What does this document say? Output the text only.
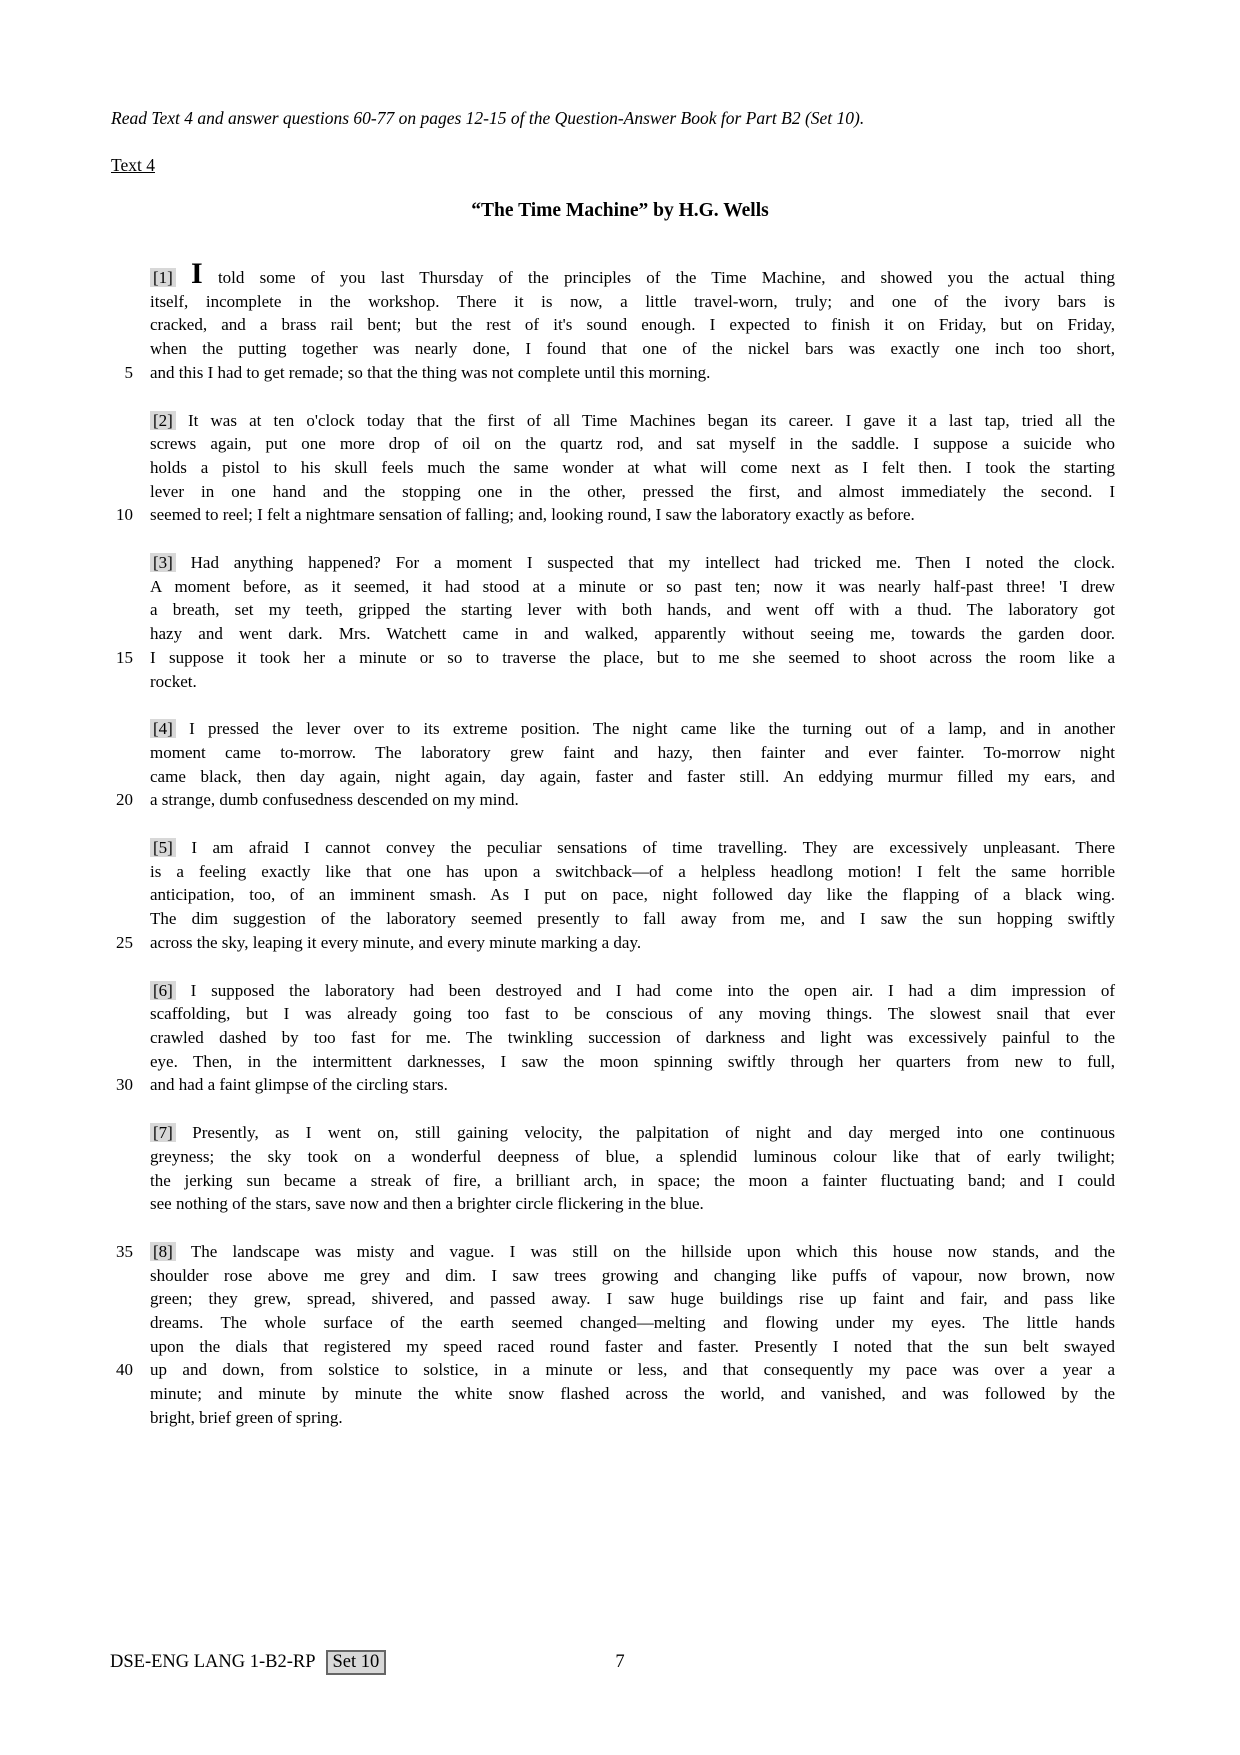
Read Text 4 and answer questions 60-77 on pages 12-15 of the Question-Answer Book for Part B2 (Set 10).
Text 4
“The Time Machine” by H.G. Wells
[1] I told some of you last Thursday of the principles of the Time Machine, and showed you the actual thing
itself, incomplete in the workshop. There it is now, a little travel-worn, truly; and one of the ivory bars is
cracked, and a brass rail bent; but the rest of it's sound enough. I expected to finish it on Friday, but on Friday,
when the putting together was nearly done, I found that one of the nickel bars was exactly one inch too short,
5 and this I had to get remade; so that the thing was not complete until this morning.
[2] It was at ten o'clock today that the first of all Time Machines began its career. I gave it a last tap, tried all the
screws again, put one more drop of oil on the quartz rod, and sat myself in the saddle. I suppose a suicide who
holds a pistol to his skull feels much the same wonder at what will come next as I felt then. I took the starting
lever in one hand and the stopping one in the other, pressed the first, and almost immediately the second. I
10 seemed to reel; I felt a nightmare sensation of falling; and, looking round, I saw the laboratory exactly as before.
[3] Had anything happened? For a moment I suspected that my intellect had tricked me. Then I noted the clock.
A moment before, as it seemed, it had stood at a minute or so past ten; now it was nearly half-past three! 'I drew
a breath, set my teeth, gripped the starting lever with both hands, and went off with a thud. The laboratory got
hazy and went dark. Mrs. Watchett came in and walked, apparently without seeing me, towards the garden door.
15 I suppose it took her a minute or so to traverse the place, but to me she seemed to shoot across the room like a
rocket.
[4] I pressed the lever over to its extreme position. The night came like the turning out of a lamp, and in another
moment came to-morrow. The laboratory grew faint and hazy, then fainter and ever fainter. To-morrow night
came black, then day again, night again, day again, faster and faster still. An eddying murmur filled my ears, and
20 a strange, dumb confusedness descended on my mind.
[5] I am afraid I cannot convey the peculiar sensations of time travelling. They are excessively unpleasant. There
is a feeling exactly like that one has upon a switchback—of a helpless headlong motion! I felt the same horrible
anticipation, too, of an imminent smash. As I put on pace, night followed day like the flapping of a black wing.
The dim suggestion of the laboratory seemed presently to fall away from me, and I saw the sun hopping swiftly
25 across the sky, leaping it every minute, and every minute marking a day.
[6] I supposed the laboratory had been destroyed and I had come into the open air. I had a dim impression of
scaffolding, but I was already going too fast to be conscious of any moving things. The slowest snail that ever
crawled dashed by too fast for me. The twinkling succession of darkness and light was excessively painful to the
eye. Then, in the intermittent darknesses, I saw the moon spinning swiftly through her quarters from new to full,
30 and had a faint glimpse of the circling stars.
[7] Presently, as I went on, still gaining velocity, the palpitation of night and day merged into one continuous
greyness; the sky took on a wonderful deepness of blue, a splendid luminous colour like that of early twilight;
the jerking sun became a streak of fire, a brilliant arch, in space; the moon a fainter fluctuating band; and I could
see nothing of the stars, save now and then a brighter circle flickering in the blue.
35 [8] The landscape was misty and vague. I was still on the hillside upon which this house now stands, and the
shoulder rose above me grey and dim. I saw trees growing and changing like puffs of vapour, now brown, now
green; they grew, spread, shivered, and passed away. I saw huge buildings rise up faint and fair, and pass like
dreams. The whole surface of the earth seemed changed—melting and flowing under my eyes. The little hands
upon the dials that registered my speed raced round faster and faster. Presently I noted that the sun belt swayed
40 up and down, from solstice to solstice, in a minute or less, and that consequently my pace was over a year a
minute; and minute by minute the white snow flashed across the world, and vanished, and was followed by the
bright, brief green of spring.
DSE-ENG LANG 1-B2-RP Set 10	7
